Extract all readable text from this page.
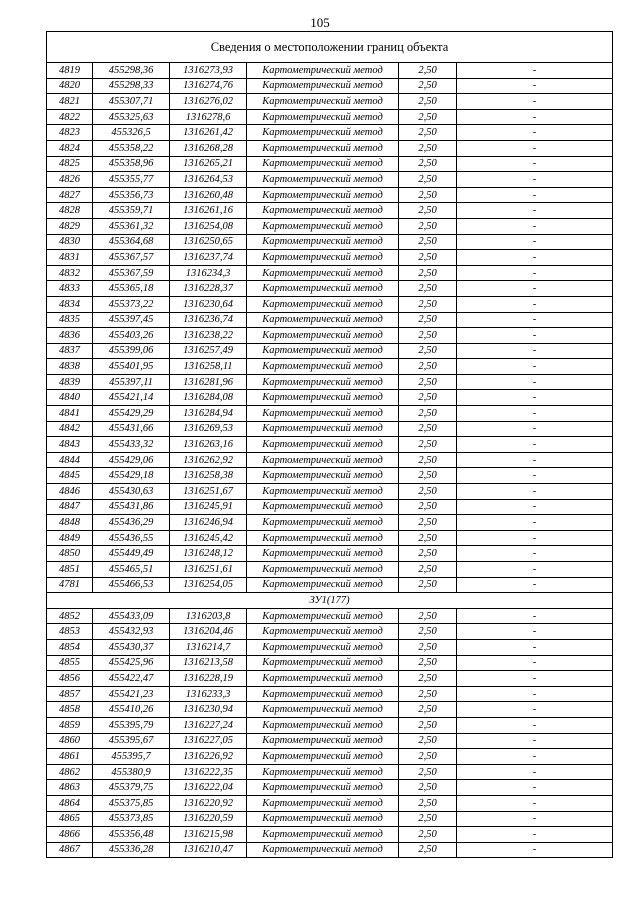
105
Сведения о местоположении границ объекта					
4819	455298,36	1316273,93	Картометрический метод	2,50	-
4820	455298,33	1316274,76	Картометрический метод	2,50	-
4821	455307,71	1316276,02	Картометрический метод	2,50	-
4822	455325,63	1316278,6	Картометрический метод	2,50	-
4823	455326,5	1316261,42	Картометрический метод	2,50	-
4824	455358,22	1316268,28	Картометрический метод	2,50	-
4825	455358,96	1316265,21	Картометрический метод	2,50	-
4826	455355,77	1316264,53	Картометрический метод	2,50	-
4827	455356,73	1316260,48	Картометрический метод	2,50	-
4828	455359,71	1316261,16	Картометрический метод	2,50	-
4829	455361,32	1316254,08	Картометрический метод	2,50	-
4830	455364,68	1316250,65	Картометрический метод	2,50	-
4831	455367,57	1316237,74	Картометрический метод	2,50	-
4832	455367,59	1316234,3	Картометрический метод	2,50	-
4833	455365,18	1316228,37	Картометрический метод	2,50	-
4834	455373,22	1316230,64	Картометрический метод	2,50	-
4835	455397,45	1316236,74	Картометрический метод	2,50	-
4836	455403,26	1316238,22	Картометрический метод	2,50	-
4837	455399,06	1316257,49	Картометрический метод	2,50	-
4838	455401,95	1316258,11	Картометрический метод	2,50	-
4839	455397,11	1316281,96	Картометрический метод	2,50	-
4840	455421,14	1316284,08	Картометрический метод	2,50	-
4841	455429,29	1316284,94	Картометрический метод	2,50	-
4842	455431,66	1316269,53	Картометрический метод	2,50	-
4843	455433,32	1316263,16	Картометрический метод	2,50	-
4844	455429,06	1316262,92	Картометрический метод	2,50	-
4845	455429,18	1316258,38	Картометрический метод	2,50	-
4846	455430,63	1316251,67	Картометрический метод	2,50	-
4847	455431,86	1316245,91	Картометрический метод	2,50	-
4848	455436,29	1316246,94	Картометрический метод	2,50	-
4849	455436,55	1316245,42	Картометрический метод	2,50	-
4850	455449,49	1316248,12	Картометрический метод	2,50	-
4851	455465,51	1316251,61	Картометрический метод	2,50	-
4781	455466,53	1316254,05	Картометрический метод	2,50	-
ЗУ1(177)					
4852	455433,09	1316203,8	Картометрический метод	2,50	-
4853	455432,93	1316204,46	Картометрический метод	2,50	-
4854	455430,37	1316214,7	Картометрический метод	2,50	-
4855	455425,96	1316213,58	Картометрический метод	2,50	-
4856	455422,47	1316228,19	Картометрический метод	2,50	-
4857	455421,23	1316233,3	Картометрический метод	2,50	-
4858	455410,26	1316230,94	Картометрический метод	2,50	-
4859	455395,79	1316227,24	Картометрический метод	2,50	-
4860	455395,67	1316227,05	Картометрический метод	2,50	-
4861	455395,7	1316226,92	Картометрический метод	2,50	-
4862	455380,9	1316222,35	Картометрический метод	2,50	-
4863	455379,75	1316222,04	Картометрический метод	2,50	-
4864	455375,85	1316220,92	Картометрический метод	2,50	-
4865	455373,85	1316220,59	Картометрический метод	2,50	-
4866	455356,48	1316215,98	Картометрический метод	2,50	-
4867	455336,28	1316210,47	Картометрический метод	2,50	-
